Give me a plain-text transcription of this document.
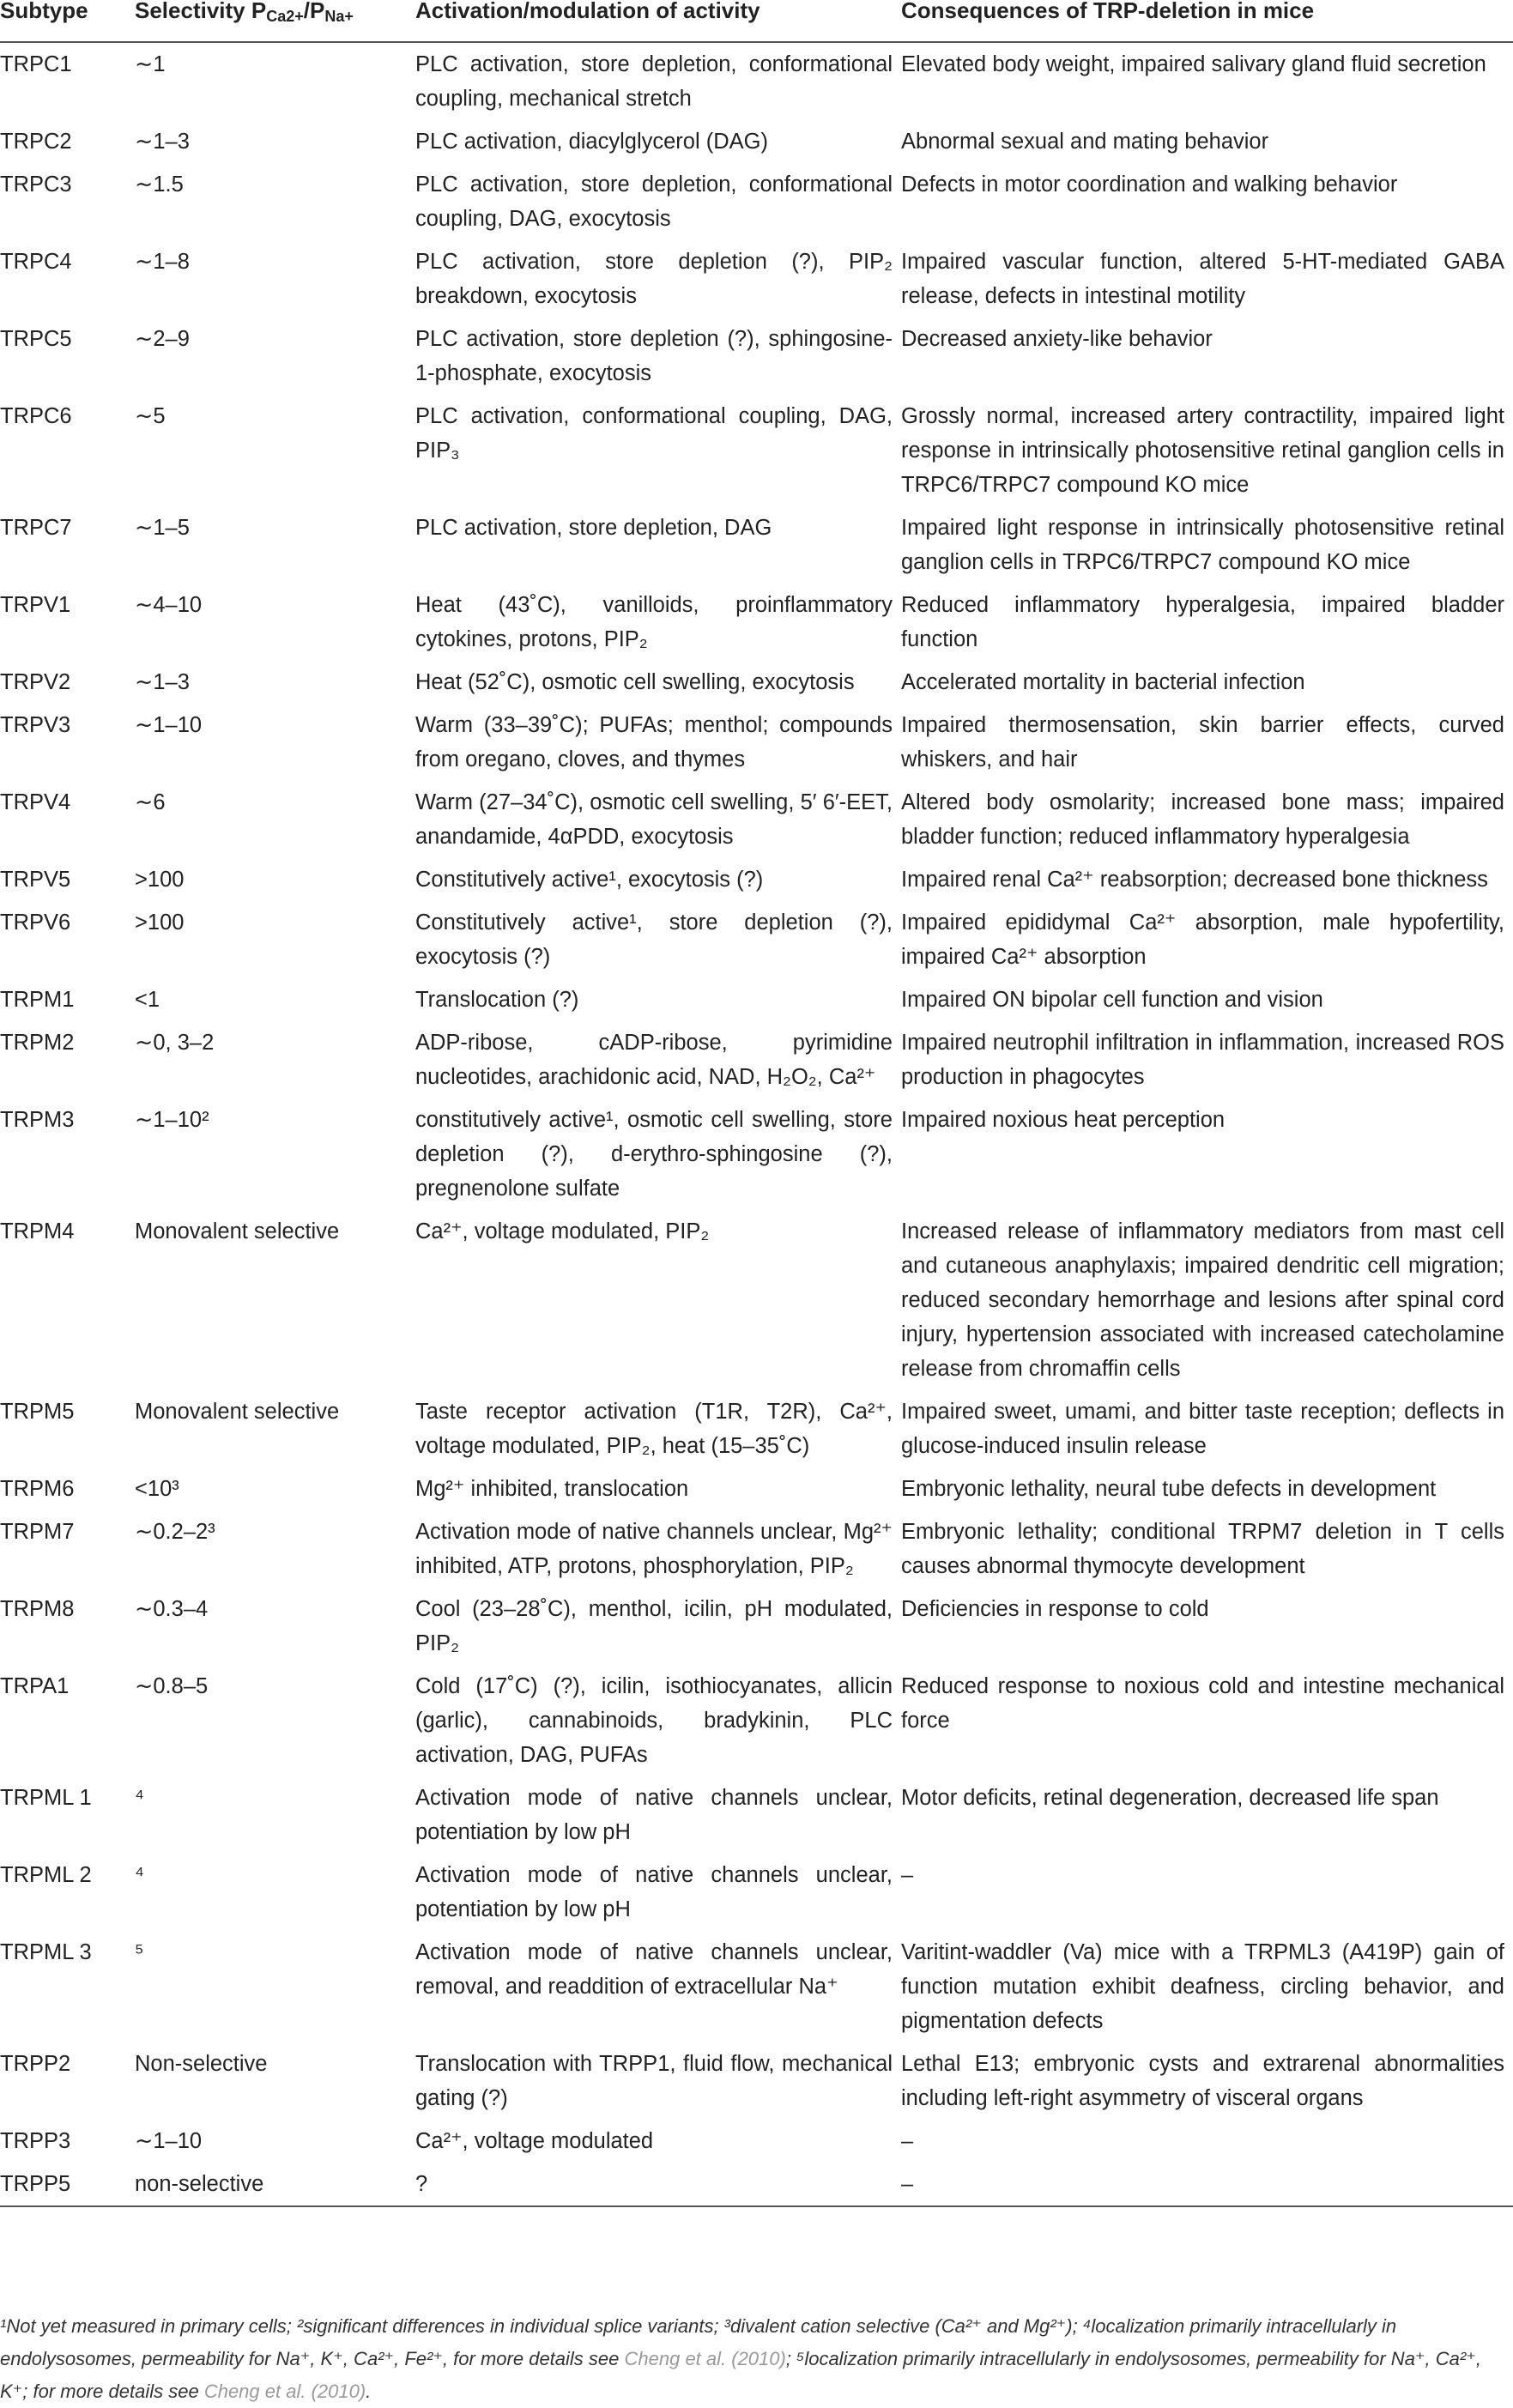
Subtype	Selectivity $P_{Ca2+}/P_{Na+}$	Activation/modulation of activity	Consequences of TRP-deletion in mice
TRPC1	∼1	PLC activation, store depletion, conformational coupling, mechanical stretch	Elevated body weight, impaired salivary gland fluid secretion
TRPC2	∼1–3	PLC activation, diacylglycerol (DAG)	Abnormal sexual and mating behavior
TRPC3	∼1.5	PLC activation, store depletion, conformational coupling, DAG, exocytosis	Defects in motor coordination and walking behavior
TRPC4	∼1–8	PLC activation, store depletion (?), PIP₂ breakdown, exocytosis	Impaired vascular function, altered 5-HT-mediated GABA release, defects in intestinal motility
TRPC5	∼2–9	PLC activation, store depletion (?), sphingosine-1-phosphate, exocytosis	Decreased anxiety-like behavior
TRPC6	∼5	PLC activation, conformational coupling, DAG, PIP₃	Grossly normal, increased artery contractility, impaired light response in intrinsically photosensitive retinal ganglion cells in TRPC6/TRPC7 compound KO mice
TRPC7	∼1–5	PLC activation, store depletion, DAG	Impaired light response in intrinsically photosensitive retinal ganglion cells in TRPC6/TRPC7 compound KO mice
TRPV1	∼4–10	Heat (43˚C), vanilloids, proinflammatory cytokines, protons, PIP₂	Reduced inflammatory hyperalgesia, impaired bladder function
TRPV2	∼1–3	Heat (52˚C), osmotic cell swelling, exocytosis	Accelerated mortality in bacterial infection
TRPV3	∼1–10	Warm (33–39˚C); PUFAs; menthol; compounds from oregano, cloves, and thymes	Impaired thermosensation, skin barrier effects, curved whiskers, and hair
TRPV4	∼6	Warm (27–34˚C), osmotic cell swelling, 5′ 6′-EET, anandamide, 4αPDD, exocytosis	Altered body osmolarity; increased bone mass; impaired bladder function; reduced inflammatory hyperalgesia
TRPV5	>100	Constitutively active¹, exocytosis (?)	Impaired renal Ca²⁺ reabsorption; decreased bone thickness
TRPV6	>100	Constitutively active¹, store depletion (?), exocytosis (?)	Impaired epididymal Ca²⁺ absorption, male hypofertility, impaired Ca²⁺ absorption
TRPM1	<1	Translocation (?)	Impaired ON bipolar cell function and vision
TRPM2	∼0, 3–2	ADP-ribose, cADP-ribose, pyrimidine nucleotides, arachidonic acid, NAD, H₂O₂, Ca²⁺	Impaired neutrophil infiltration in inflammation, increased ROS production in phagocytes
TRPM3	∼1–10²	constitutively active¹, osmotic cell swelling, store depletion (?), d-erythro-sphingosine (?), pregnenolone sulfate	Impaired noxious heat perception
TRPM4	Monovalent selective	Ca²⁺, voltage modulated, PIP₂	Increased release of inflammatory mediators from mast cell and cutaneous anaphylaxis; impaired dendritic cell migration; reduced secondary hemorrhage and lesions after spinal cord injury, hypertension associated with increased catecholamine release from chromaffin cells
TRPM5	Monovalent selective	Taste receptor activation (T1R, T2R), Ca²⁺, voltage modulated, PIP₂, heat (15–35˚C)	Impaired sweet, umami, and bitter taste reception; deflects in glucose-induced insulin release
TRPM6	<10³	Mg²⁺ inhibited, translocation	Embryonic lethality, neural tube defects in development
TRPM7	∼0.2–2³	Activation mode of native channels unclear, Mg²⁺ inhibited, ATP, protons, phosphorylation, PIP₂	Embryonic lethality; conditional TRPM7 deletion in T cells causes abnormal thymocyte development
TRPM8	∼0.3–4	Cool (23–28˚C), menthol, icilin, pH modulated, PIP₂	Deficiencies in response to cold
TRPA1	∼0.8–5	Cold (17˚C) (?), icilin, isothiocyanates, allicin (garlic), cannabinoids, bradykinin, PLC activation, DAG, PUFAs	Reduced response to noxious cold and intestine mechanical force
TRPML 1	⁴	Activation mode of native channels unclear, potentiation by low pH	Motor deficits, retinal degeneration, decreased life span
TRPML 2	⁴	Activation mode of native channels unclear, potentiation by low pH	–
TRPML 3	⁵	Activation mode of native channels unclear, removal, and readdition of extracellular Na⁺	Varitint-waddler (Va) mice with a TRPML3 (A419P) gain of function mutation exhibit deafness, circling behavior, and pigmentation defects
TRPP2	Non-selective	Translocation with TRPP1, fluid flow, mechanical gating (?)	Lethal E13; embryonic cysts and extrarenal abnormalities including left-right asymmetry of visceral organs
TRPP3	∼1–10	Ca²⁺, voltage modulated	–
TRPP5	non-selective	?	–
¹Not yet measured in primary cells; ²significant differences in individual splice variants; ³divalent cation selective (Ca²⁺ and Mg²⁺); ⁴localization primarily intracellularly in endolysosomes, permeability for Na⁺, K⁺, Ca²⁺, Fe²⁺, for more details see Cheng et al. (2010); ⁵localization primarily intracellularly in endolysosomes, permeability for Na⁺, Ca²⁺, K⁺; for more details see Cheng et al. (2010).
